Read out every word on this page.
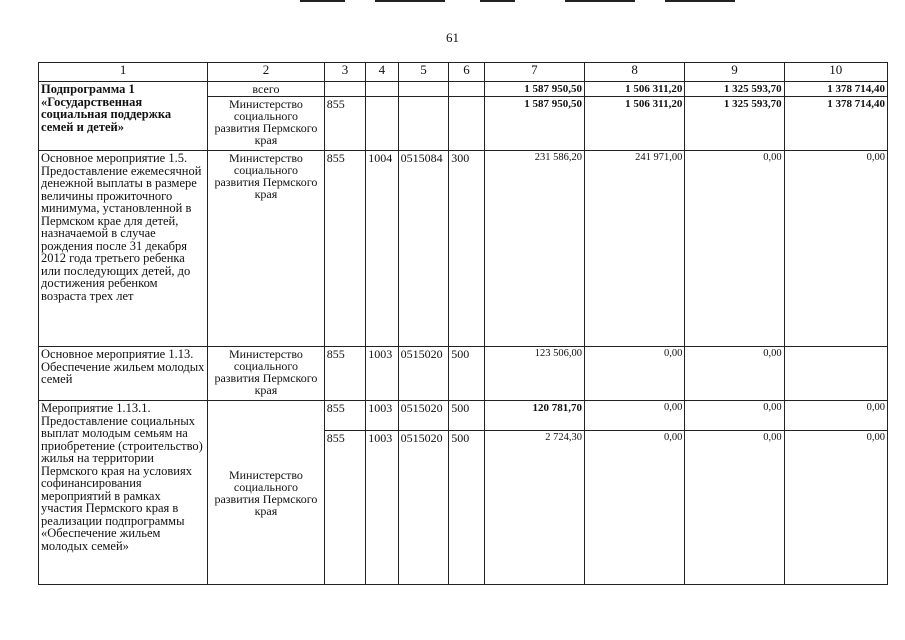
61
1	2	3	4	5	6	7	8	9	10
Подпрограмма 1 «Государственная социальная поддержка семей и детей»	всего					1 587 950,50	1 506 311,20	1 325 593,70	1 378 714,40
	Министерство социального развития Пермского края	855				1 587 950,50	1 506 311,20	1 325 593,70	1 378 714,40
Основное мероприятие 1.5. Предоставление ежемесячной денежной выплаты в размере величины прожиточного минимума, установленной в Пермском крае для детей, назначаемой в случае рождения после 31 декабря 2012 года третьего ребенка или последующих детей, до достижения ребенком возраста трех лет	Министерство социального развития Пермского края	855	1004	0515084	300	231 586,20	241 971,00	0,00	0,00
Основное мероприятие 1.13. Обеспечение жильем молодых семей	Министерство социального развития Пермского края	855	1003	0515020	500	123 506,00	0,00	0,00	
Мероприятие 1.13.1. Предоставление социальных выплат молодым семьям на приобретение (строительство) жилья на территории Пермского края на условиях софинансирования мероприятий в рамках участия Пермского края в реализации подпрограммы «Обеспечение жильем молодых семей»	Министерство социального развития Пермского края	855	1003	0515020	500	120 781,70	0,00	0,00	0,00
		855	1003	0515020	500	2 724,30	0,00	0,00	0,00
